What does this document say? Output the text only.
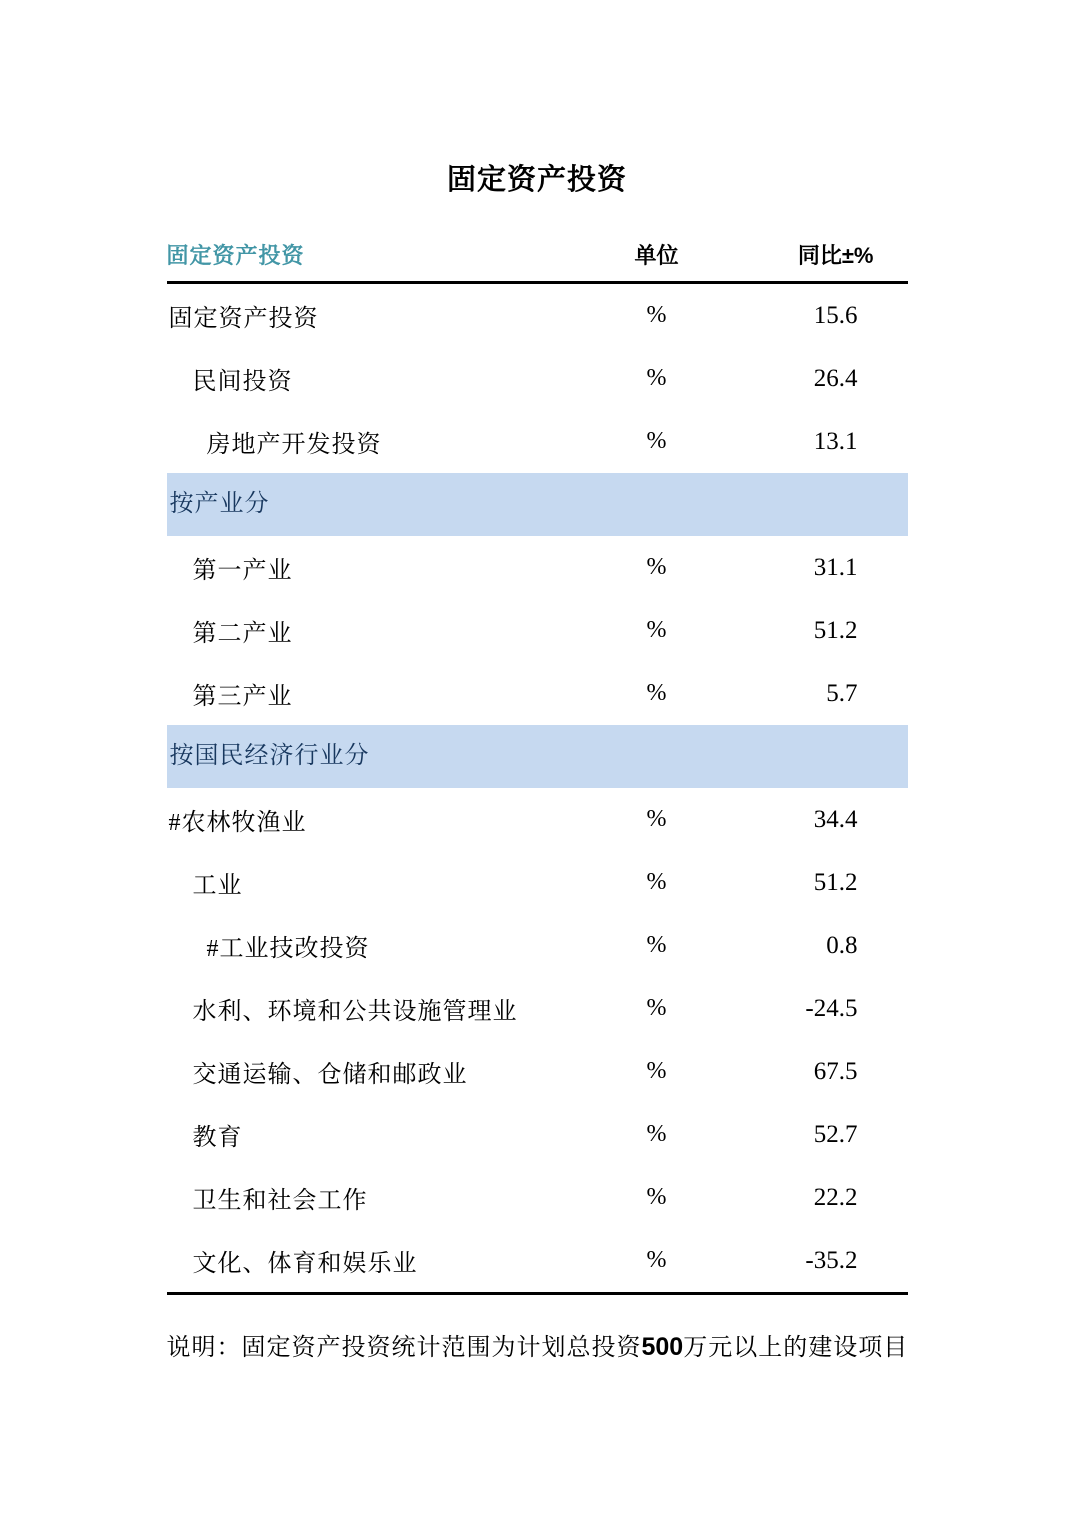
固定资产投资
固定资产投资	单位	同比±%
固定资产投资	%	15.6
民间投资	%	26.4
房地产开发投资	%	13.1
按产业分
第一产业	%	31.1
第二产业	%	51.2
第三产业	%	5.7
按国民经济行业分
#农林牧渔业	%	34.4
工业	%	51.2
#工业技改投资	%	0.8
水利、环境和公共设施管理业	%	-24.5
交通运输、仓储和邮政业	%	67.5
教育	%	52.7
卫生和社会工作	%	22.2
文化、体育和娱乐业	%	-35.2
说明：固定资产投资统计范围为计划总投资500万元以上的建设项目
